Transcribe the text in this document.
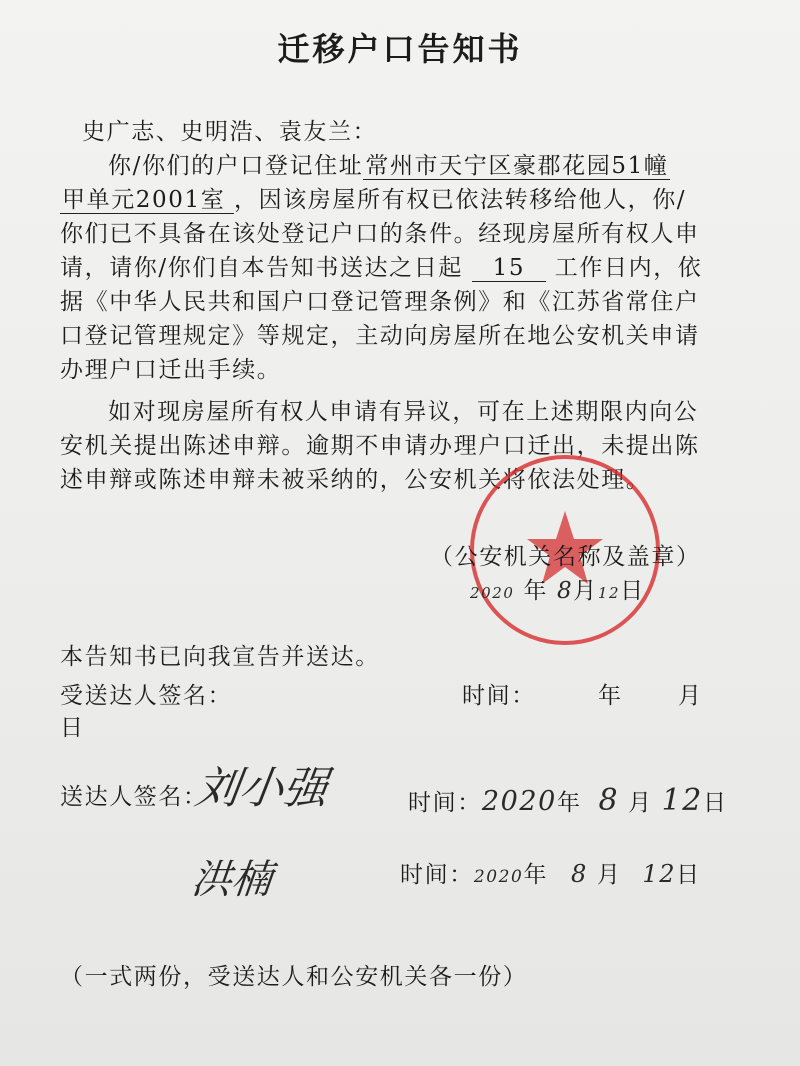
迁移户口告知书
史广志、史明浩、袁友兰：
你/你们的户口登记住址常州市天宁区豪郡花园51幢
甲单元2001室 ，因该房屋所有权已依法转移给他人，你/
你们已不具备在该处登记户口的条件。经现房屋所有权人申
请，请你/你们自本告知书送达之日起 15 工作日内，依
据《中华人民共和国户口登记管理条例》和《江苏省常住户
口登记管理规定》等规定，主动向房屋所在地公安机关申请
办理户口迁出手续。
如对现房屋所有权人申请有异议，可在上述期限内向公
安机关提出陈述申辩。逾期不申请办理户口迁出，未提出陈
述申辩或陈述申辩未被采纳的，公安机关将依法处理。
（公安机关名称及盖章）
2020 年 8月12日
本告知书已向我宣告并送达。
受送达人签名：	时间：	年 月
日
送达人签名：
刘小强	时间：2020年 8 月 12日
洪楠	时间：2020年 8 月 12日
（一式两份，受送达人和公安机关各一份）
